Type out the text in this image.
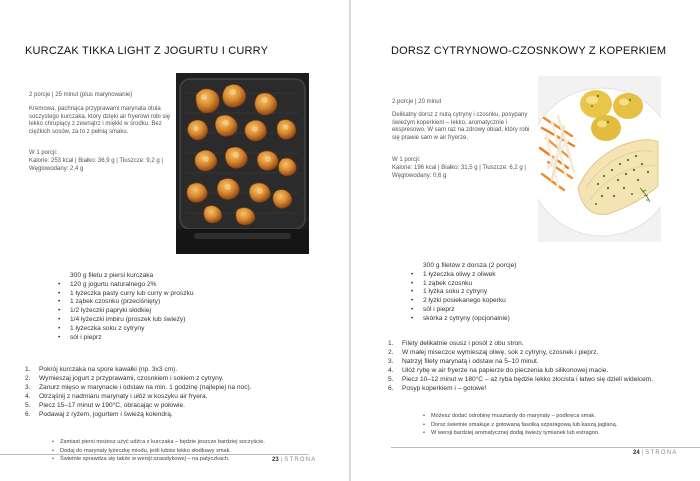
KURCZAK TIKKA LIGHT Z JOGURTU I CURRY

2 porcje | 25 minut (plus marynowanie)

Kremowa, pachnąca przyprawami marynata otula soczystego kurczaka, który dzięki air fryerowi robi się lekko chrupiący z zewnątrz i miękki w środku. Bez ciężkich sosów, za to z pełnią smaku.

W 1 porcji:

Kalorie: 253 kcal | Białko: 36,9 g | Tłuszcze: 9,2 g | Węglowodany: 2,4 g

300 g filetu z piersi kurczaka
• 120 g jogurtu naturalnego 2%
• 1 łyżeczka pasty curry lub curry w proszku
• 1 ząbek czosnku (przeciśnięty)
• 1/2 łyżeczki papryki słodkiej
• 1/4 łyżeczki imbiru (proszek lub świeży)
• 1 łyżeczka soku z cytryny
• sól i pieprz
1. Pokrój kurczaka na spore kawałki (np. 3x3 cm).
2. Wymieszaj jogurt z przyprawami, czosnkiem i sokiem z cytryny.
3. Zanurz mięso w marynacie i odstaw na min. 1 godzinę (najlepiej na noc).
4. Otrząśnij z nadmiaru marynaty i ułóż w koszyku air fryera.
5. Piecz 15–17 minut w 190°C, obracając w połowie.
6. Podawaj z ryżem, jogurtem i świeżą kolendrą.
• Zamiast piersi możesz użyć udźca z kurczaka – będzie jeszcze bardziej soczyście.
• Dodaj do marynaty łyżeczkę miodu, jeśli lubisz lekko słodkawy smak.
• Świetnie sprawdza się także w wersji szaszłykowej – na patyczkach.	23 | STRONA
DORSZ CYTRYNOWO-CZOSNKOWY Z KOPERKIEM

2 porcje | 20 minut

Delikatny dorsz z nutą cytryny i czosnku, posypany świeżym koperkiem – lekko, aromatycznie i ekspresowo. W sam raz na zdrowy obiad, który robi się prawie sam w air fryerze.

W 1 porcji:

Kalorie: 196 kcal | Białko: 31,5 g | Tłuszcze: 6,2 g | Węglowodany: 0,6 g

300 g filetów z dorsza (2 porcje)
• 1 łyżeczka oliwy z oliwek
• 1 ząbek czosnku
• 1 łyżka soku z cytryny
• 2 łyżki posiekanego koperku
• sól i pieprz
• skórka z cytryny (opcjonalnie)
1. Filety delikatnie osusz i posól z obu stron.
2. W małej miseczce wymieszaj oliwę, sok z cytryny, czosnek i pieprz.
3. Natrzyj filety marynatą i odstaw na 5–10 minut.
4. Ułóż rybę w air fryerze na papierze do pieczenia lub silikonowej macie.
5. Piecz 10–12 minut w 180°C – aż ryba będzie lekko złocista i łatwo się dzieli widelcem.
6. Posyp koperkiem i – gotowe!
• Możesz dodać odrobinę musztardy do marynaty – podkręca smak.
• Dorsz świetnie smakuje z gotowaną fasolką szparagową lub kaszą jaglaną.
• W wersji bardziej aromatycznej dodaj świeży tymianek lub estragon.
24 | STRONA
